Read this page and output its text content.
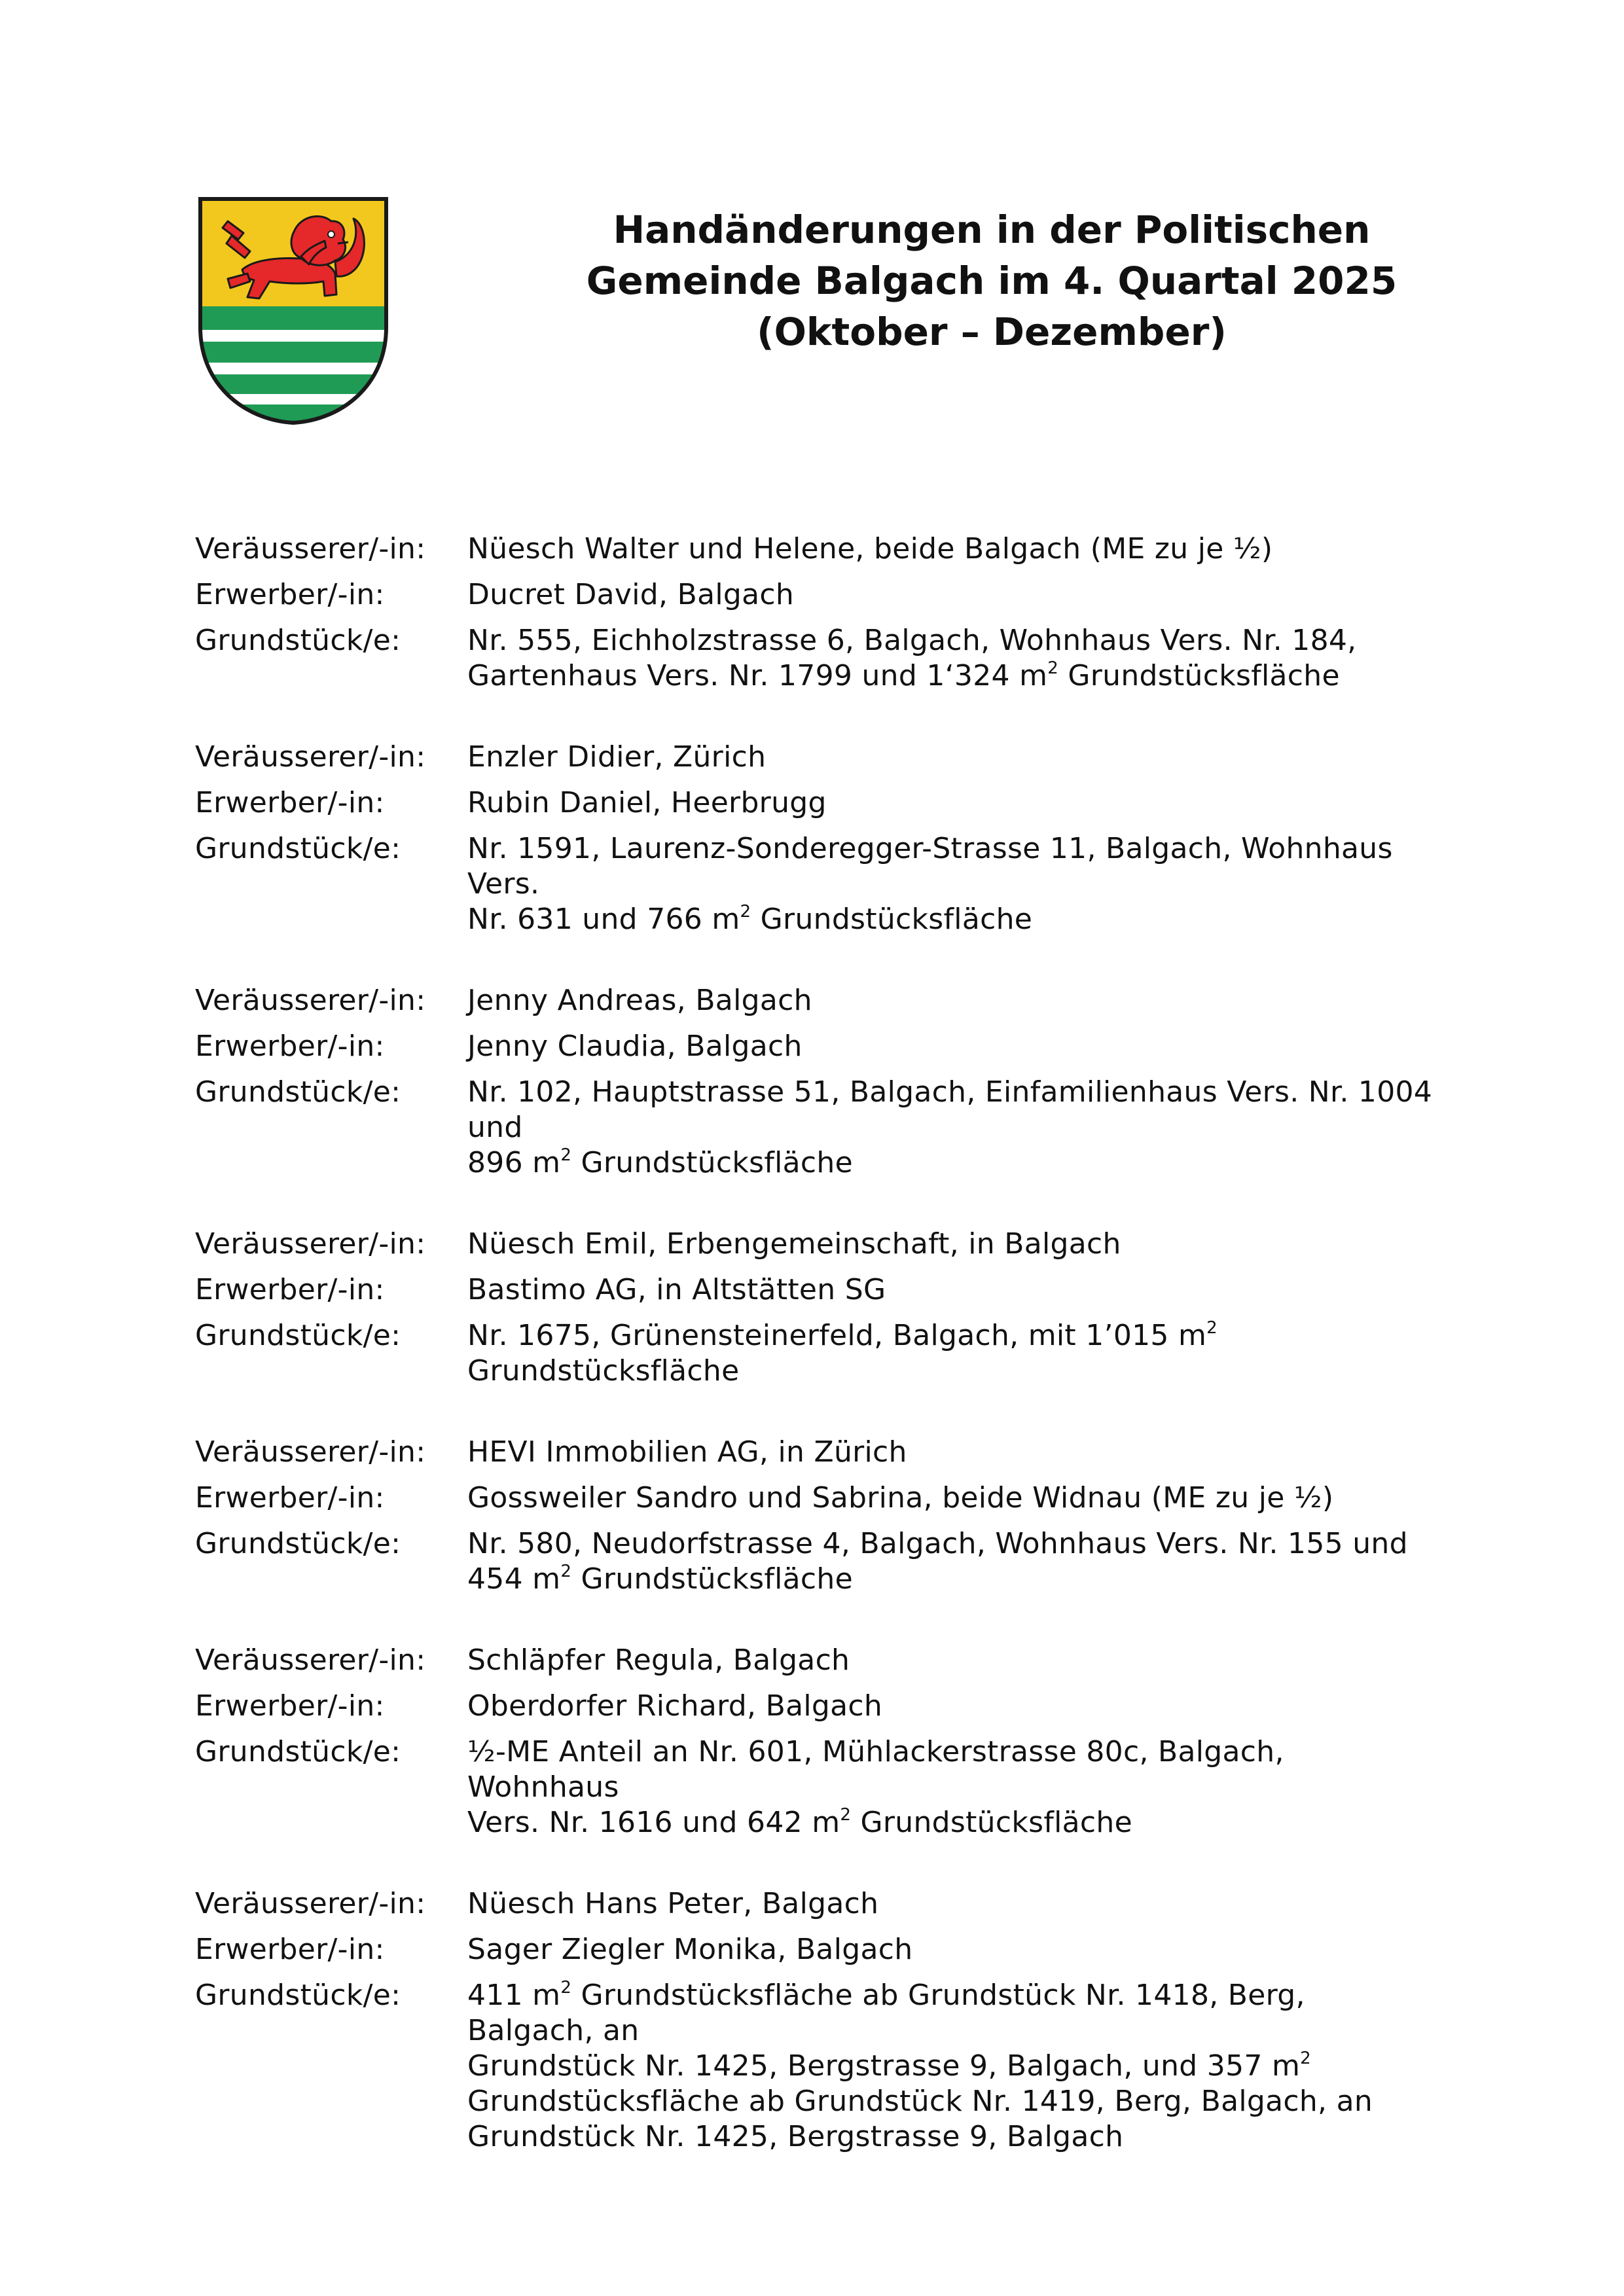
Handänderungen in der Politischen
Gemeinde Balgach im 4. Quartal 2025
(Oktober – Dezember)
Veräusserer/-in:	Nüesch Walter und Helene, beide Balgach (ME zu je ½)
Erwerber/-in:	Ducret David, Balgach
Grundstück/e:	Nr. 555, Eichholzstrasse 6, Balgach, Wohnhaus Vers. Nr. 184,
Gartenhaus Vers. Nr. 1799 und 1‘324 $m^2$ Grundstücksfläche
Veräusserer/-in:	Enzler Didier, Zürich
Erwerber/-in:	Rubin Daniel, Heerbrugg
Grundstück/e:	Nr. 1591, Laurenz-Sonderegger-Strasse 11, Balgach, Wohnhaus Vers.
Nr. 631 und 766 $m^2$ Grundstücksfläche
Veräusserer/-in:	Jenny Andreas, Balgach
Erwerber/-in:	Jenny Claudia, Balgach
Grundstück/e:	Nr. 102, Hauptstrasse 51, Balgach, Einfamilienhaus Vers. Nr. 1004 und
896 $m^2$ Grundstücksfläche
Veräusserer/-in:	Nüesch Emil, Erbengemeinschaft, in Balgach
Erwerber/-in:	Bastimo AG, in Altstätten SG
Grundstück/e:	Nr. 1675, Grünensteinerfeld, Balgach, mit 1’015 $m^2$ Grundstücksfläche
Veräusserer/-in:	HEVI Immobilien AG, in Zürich
Erwerber/-in:	Gossweiler Sandro und Sabrina, beide Widnau (ME zu je ½)
Grundstück/e:	Nr. 580, Neudorfstrasse 4, Balgach, Wohnhaus Vers. Nr. 155 und
454 $m^2$ Grundstücksfläche
Veräusserer/-in:	Schläpfer Regula, Balgach
Erwerber/-in:	Oberdorfer Richard, Balgach
Grundstück/e:	½-ME Anteil an Nr. 601, Mühlackerstrasse 80c, Balgach, Wohnhaus
Vers. Nr. 1616 und 642 $m^2$ Grundstücksfläche
Veräusserer/-in:	Nüesch Hans Peter, Balgach
Erwerber/-in:	Sager Ziegler Monika, Balgach
Grundstück/e:	411 $m^2$ Grundstücksfläche ab Grundstück Nr. 1418, Berg, Balgach, an
Grundstück Nr. 1425, Bergstrasse 9, Balgach, und 357 $m^2$
Grundstücksfläche ab Grundstück Nr. 1419, Berg, Balgach, an
Grundstück Nr. 1425, Bergstrasse 9, Balgach
